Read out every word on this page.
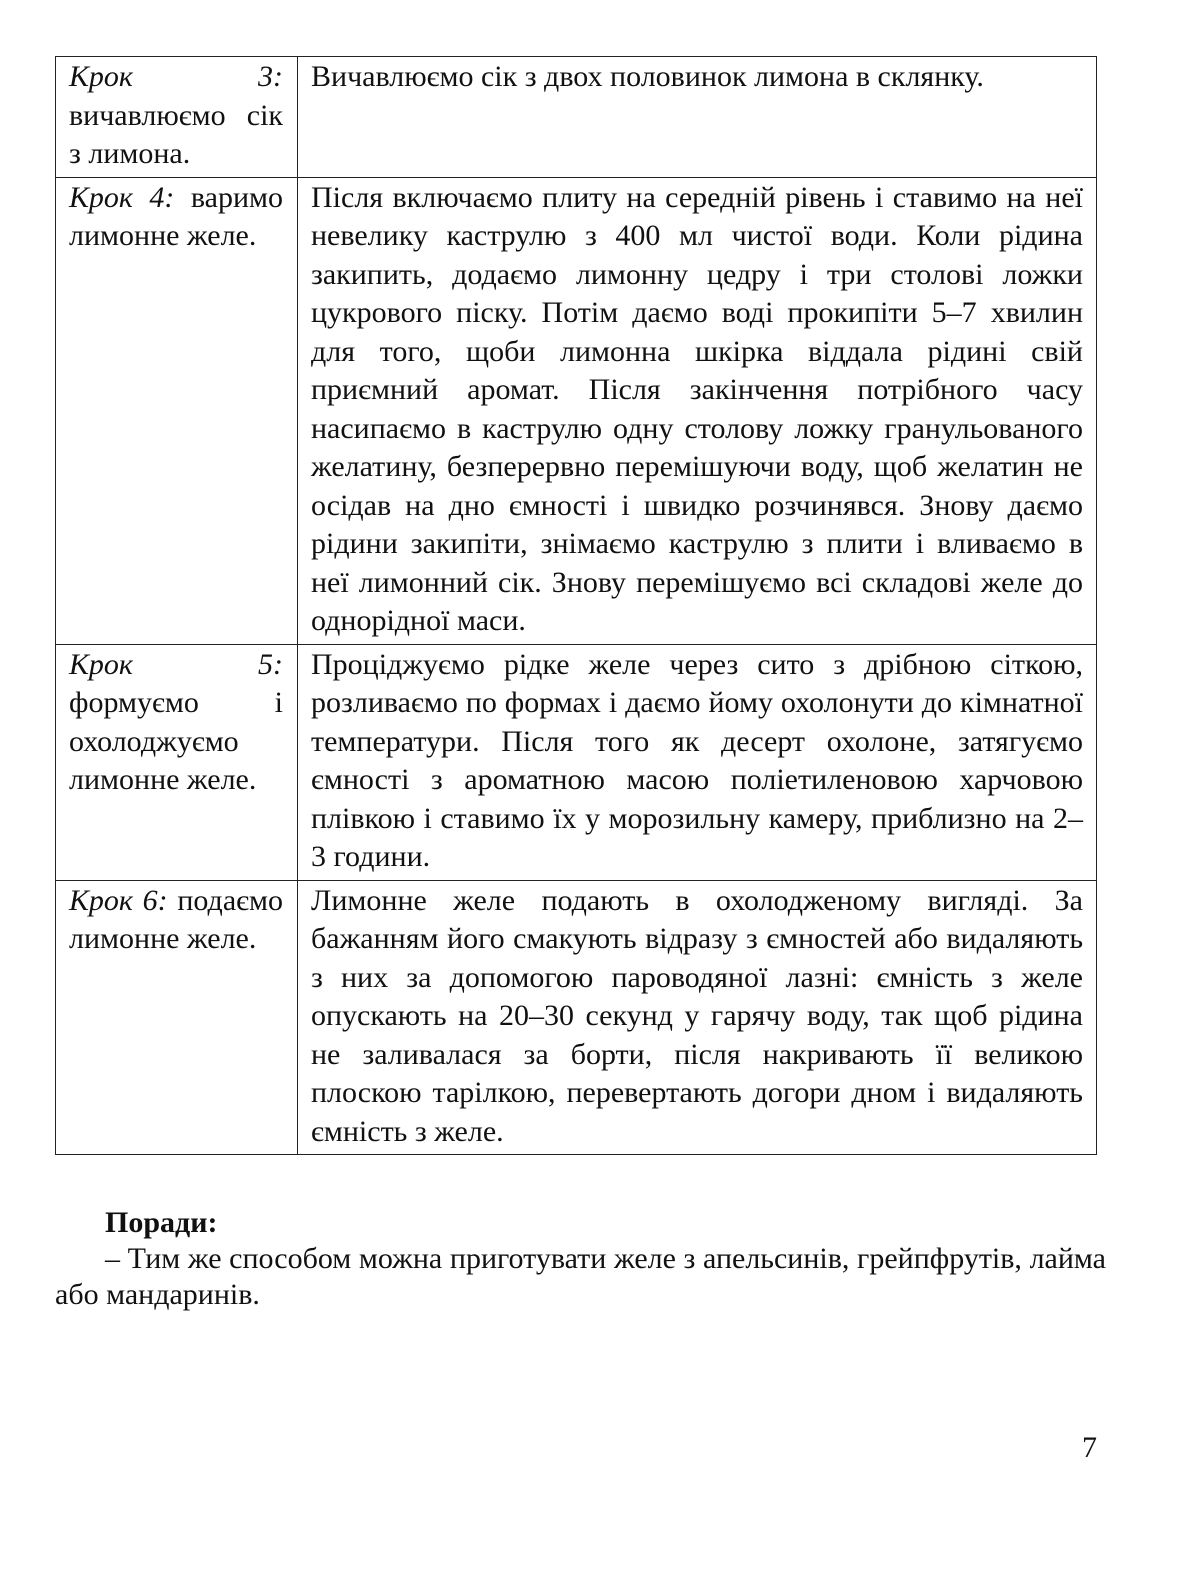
Крок 3: вичавлюємо сік з лимона.	Вичавлюємо сік з двох половинок лимона в склянку.
Крок 4: варимо лимонне желе.	Після включаємо плиту на середній рівень і ставимо на неї невелику каструлю з 400 мл чистої води. Коли рідина закипить, додаємо лимонну цедру і три столові ложки цукрового піску. Потім даємо воді прокипіти 5–7 хвилин для того, щоби лимонна шкірка віддала рідині свій приємний аромат. Після закінчення потрібного часу насипаємо в каструлю одну столову ложку гранульованого желатину, безперервно перемішуючи воду, щоб желатин не осідав на дно ємності і швидко розчинявся. Знову даємо рідини закипіти, знімаємо каструлю з плити і вливаємо в неї лимонний сік. Знову перемішуємо всі складові желе до однорідної маси.
Крок 5: формуємо і охолоджуємо лимонне желе.	Проціджуємо рідке желе через сито з дрібною сіткою, розливаємо по формах і даємо йому охолонути до кімнатної температури. Після того як десерт охолоне, затягуємо ємності з ароматною масою поліетиленовою харчовою плівкою і ставимо їх у морозильну камеру, приблизно на 2–3 години.
Крок 6: подаємо лимонне желе.	Лимонне желе подають в охолодженому вигляді. За бажанням його смакують відразу з ємностей або видаляють з них за допомогою пароводяної лазні: ємність з желе опускають на 20–30 секунд у гарячу воду, так щоб рідина не заливалася за борти, після накривають її великою плоскою тарілкою, перевертають догори дном і видаляють ємність з желе.

Поради:

– Тим же способом можна приготувати желе з апельсинів, грейпфрутів, лайма або мандаринів.

7
